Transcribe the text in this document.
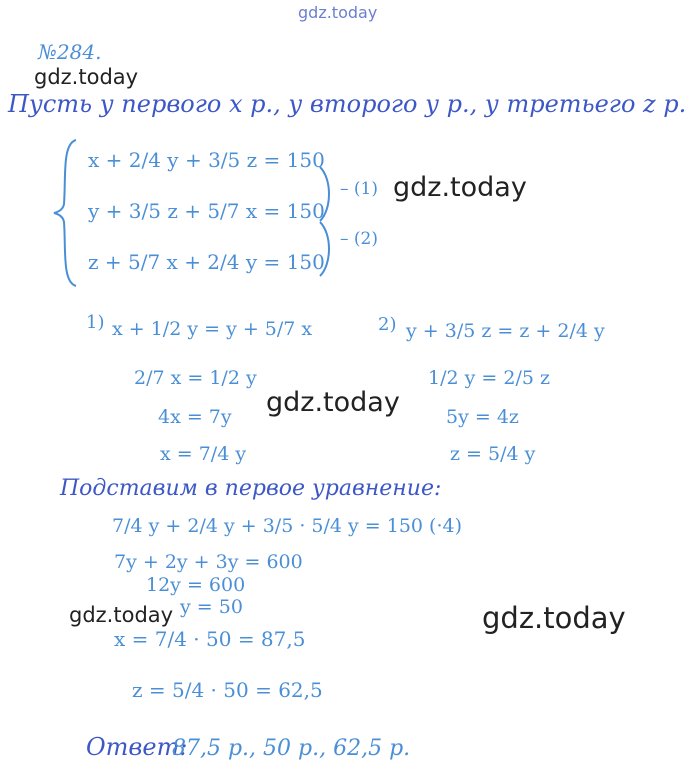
gdz.today
gdz.today
gdz.today
gdz.today
gdz.today	gdz.today
№284.
Пусть у первого х р., у второго у р., у третьего z р.
x + 2/4 y + 3/5 z = 150
y + 3/5 z + 5/7 x = 150
z + 5/7 x + 2/4 y = 150
– (1)
– (2)
1) x + 1/2 y = y + 5/7 x
2/7 x = 1/2 y
4x = 7y
x = 7/4 y
2) y + 3/5 z = z + 2/4 y
1/2 y = 2/5 z
5y = 4z
z = 5/4 y
Подставим в первое уравнение:
7/4 y + 2/4 y + 3/5 · 5/4 y = 150 (·4)
7y + 2y + 3y = 600
12y = 600
y = 50
x = 7/4 · 50 = 87,5
z = 5/4 · 50 = 62,5
Ответ:
87,5 р., 50 р., 62,5 р.
